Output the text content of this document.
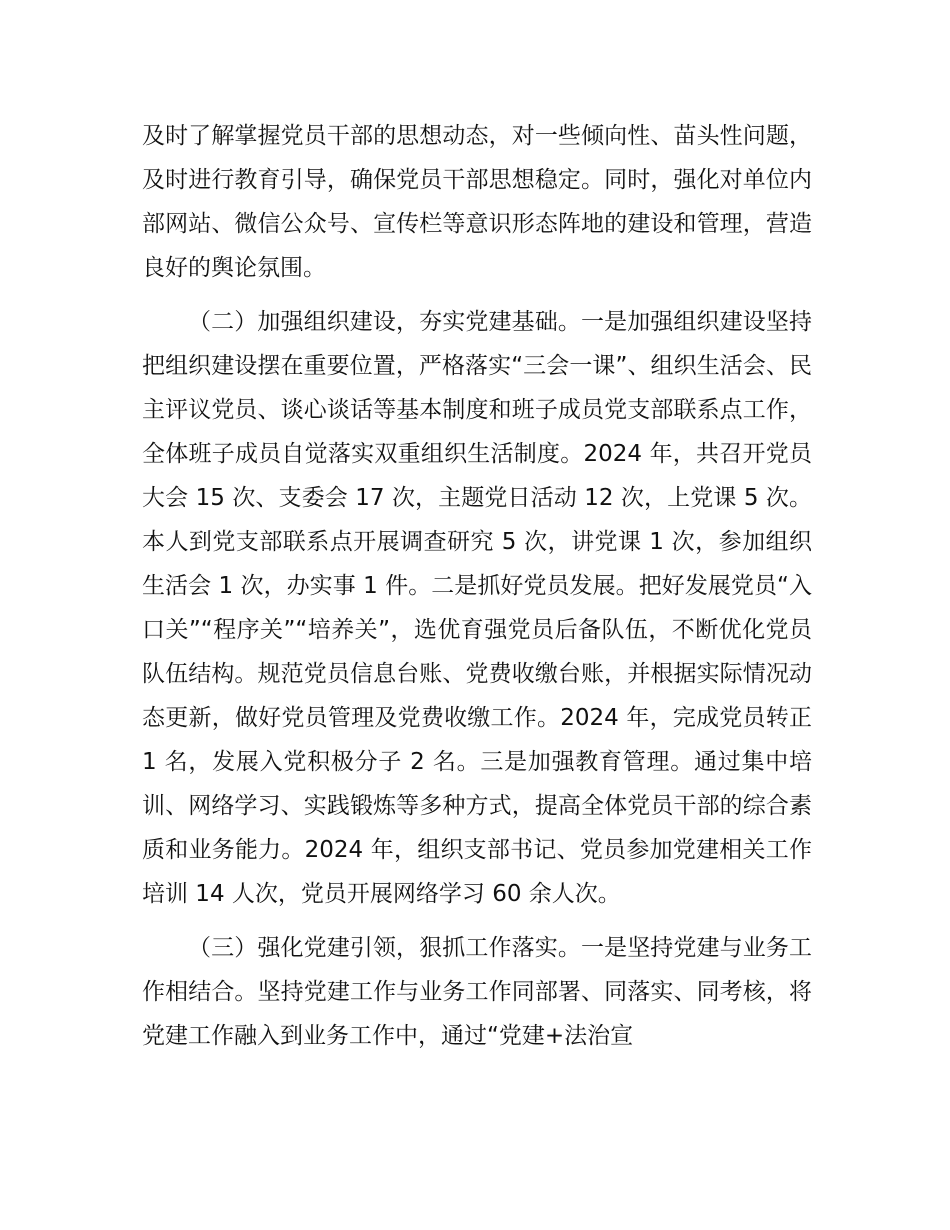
及时了解掌握党员干部的思想动态，对一些倾向性、苗头性问题，及时进行教育引导，确保党员干部思想稳定。同时，强化对单位内部网站、微信公众号、宣传栏等意识形态阵地的建设和管理，营造良好的舆论氛围。

（二）加强组织建设，夯实党建基础。一是加强组织建设坚持把组织建设摆在重要位置，严格落实“三会一课”、组织生活会、民主评议党员、谈心谈话等基本制度和班子成员党支部联系点工作，全体班子成员自觉落实双重组织生活制度。2024 年，共召开党员大会 15 次、支委会 17 次，主题党日活动 12 次，上党课 5 次。本人到党支部联系点开展调查研究 5 次，讲党课 1 次，参加组织生活会 1 次，办实事 1 件。二是抓好党员发展。把好发展党员“入口关”“程序关”“培养关”，选优育强党员后备队伍，不断优化党员队伍结构。规范党员信息台账、党费收缴台账，并根据实际情况动态更新，做好党员管理及党费收缴工作。2024 年，完成党员转正 1 名，发展入党积极分子 2 名。三是加强教育管理。通过集中培训、网络学习、实践锻炼等多种方式，提高全体党员干部的综合素质和业务能力。2024 年，组织支部书记、党员参加党建相关工作培训 14 人次，党员开展网络学习 60 余人次。

（三）强化党建引领，狠抓工作落实。一是坚持党建与业务工作相结合。坚持党建工作与业务工作同部署、同落实、同考核，将党建工作融入到业务工作中，通过“党建+法治宣
